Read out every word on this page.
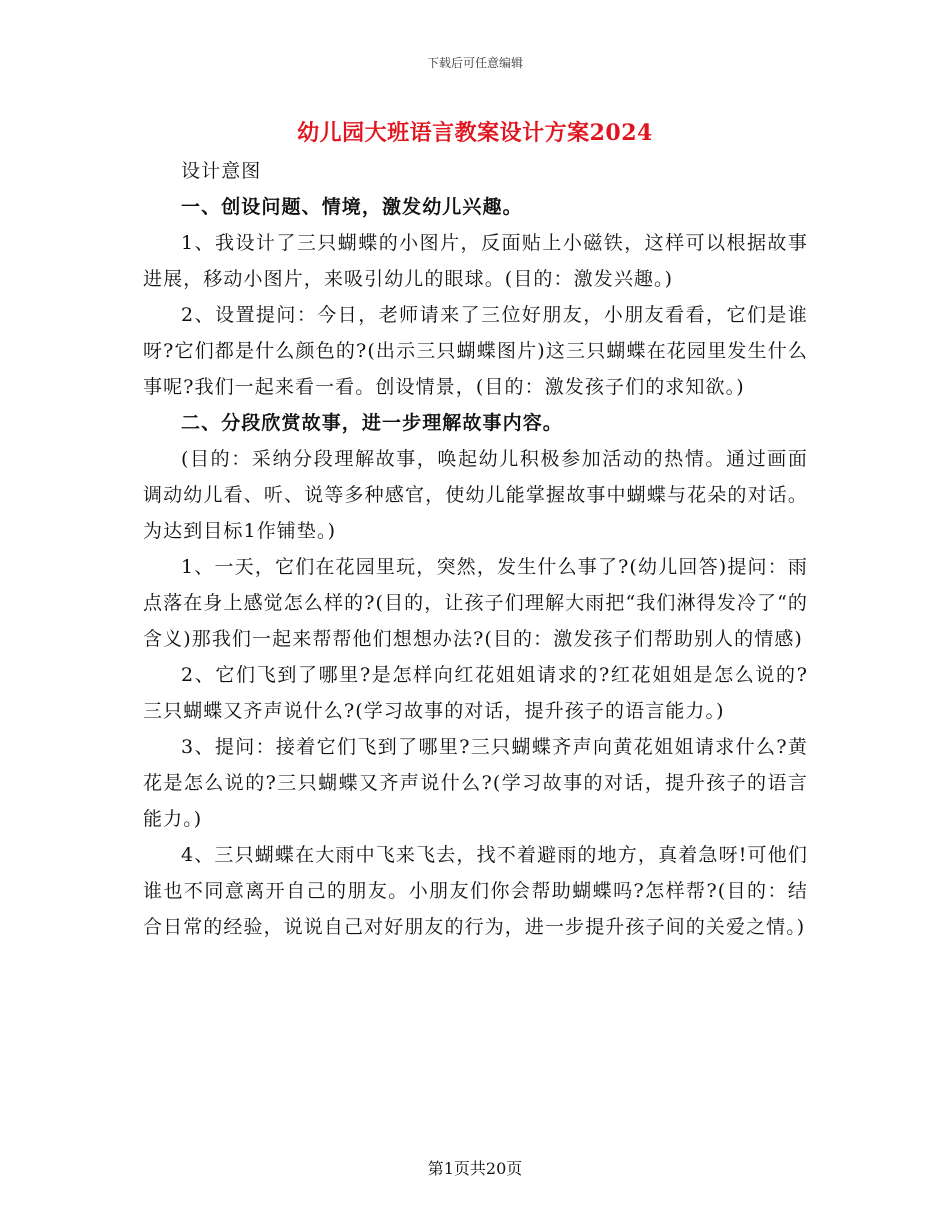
下载后可任意编辑
幼儿园大班语言教案设计方案2024

设计意图

一、创设问题、情境，激发幼儿兴趣。

1、我设计了三只蝴蝶的小图片，反面贴上小磁铁，这样可以根据故事进展，移动小图片，来吸引幼儿的眼球。(目的：激发兴趣。)

2、设置提问：今日，老师请来了三位好朋友，小朋友看看，它们是谁呀?它们都是什么颜色的?(出示三只蝴蝶图片)这三只蝴蝶在花园里发生什么事呢?我们一起来看一看。创设情景，(目的：激发孩子们的求知欲。)

二、分段欣赏故事，进一步理解故事内容。

(目的：采纳分段理解故事，唤起幼儿积极参加活动的热情。通过画面调动幼儿看、听、说等多种感官，使幼儿能掌握故事中蝴蝶与花朵的对话。为达到目标1作铺垫。)

1、一天，它们在花园里玩，突然，发生什么事了?(幼儿回答)提问：雨点落在身上感觉怎么样的?(目的，让孩子们理解大雨把“我们淋得发冷了“的含义)那我们一起来帮帮他们想想办法?(目的：激发孩子们帮助别人的情感)

2、它们飞到了哪里?是怎样向红花姐姐请求的?红花姐姐是怎么说的?三只蝴蝶又齐声说什么?(学习故事的对话，提升孩子的语言能力。)

3、提问：接着它们飞到了哪里?三只蝴蝶齐声向黄花姐姐请求什么?黄花是怎么说的?三只蝴蝶又齐声说什么?(学习故事的对话，提升孩子的语言能力。)

4、三只蝴蝶在大雨中飞来飞去，找不着避雨的地方，真着急呀!可他们谁也不同意离开自己的朋友。小朋友们你会帮助蝴蝶吗?怎样帮?(目的：结合日常的经验，说说自己对好朋友的行为，进一步提升孩子间的关爱之情。)

第1页共20页
